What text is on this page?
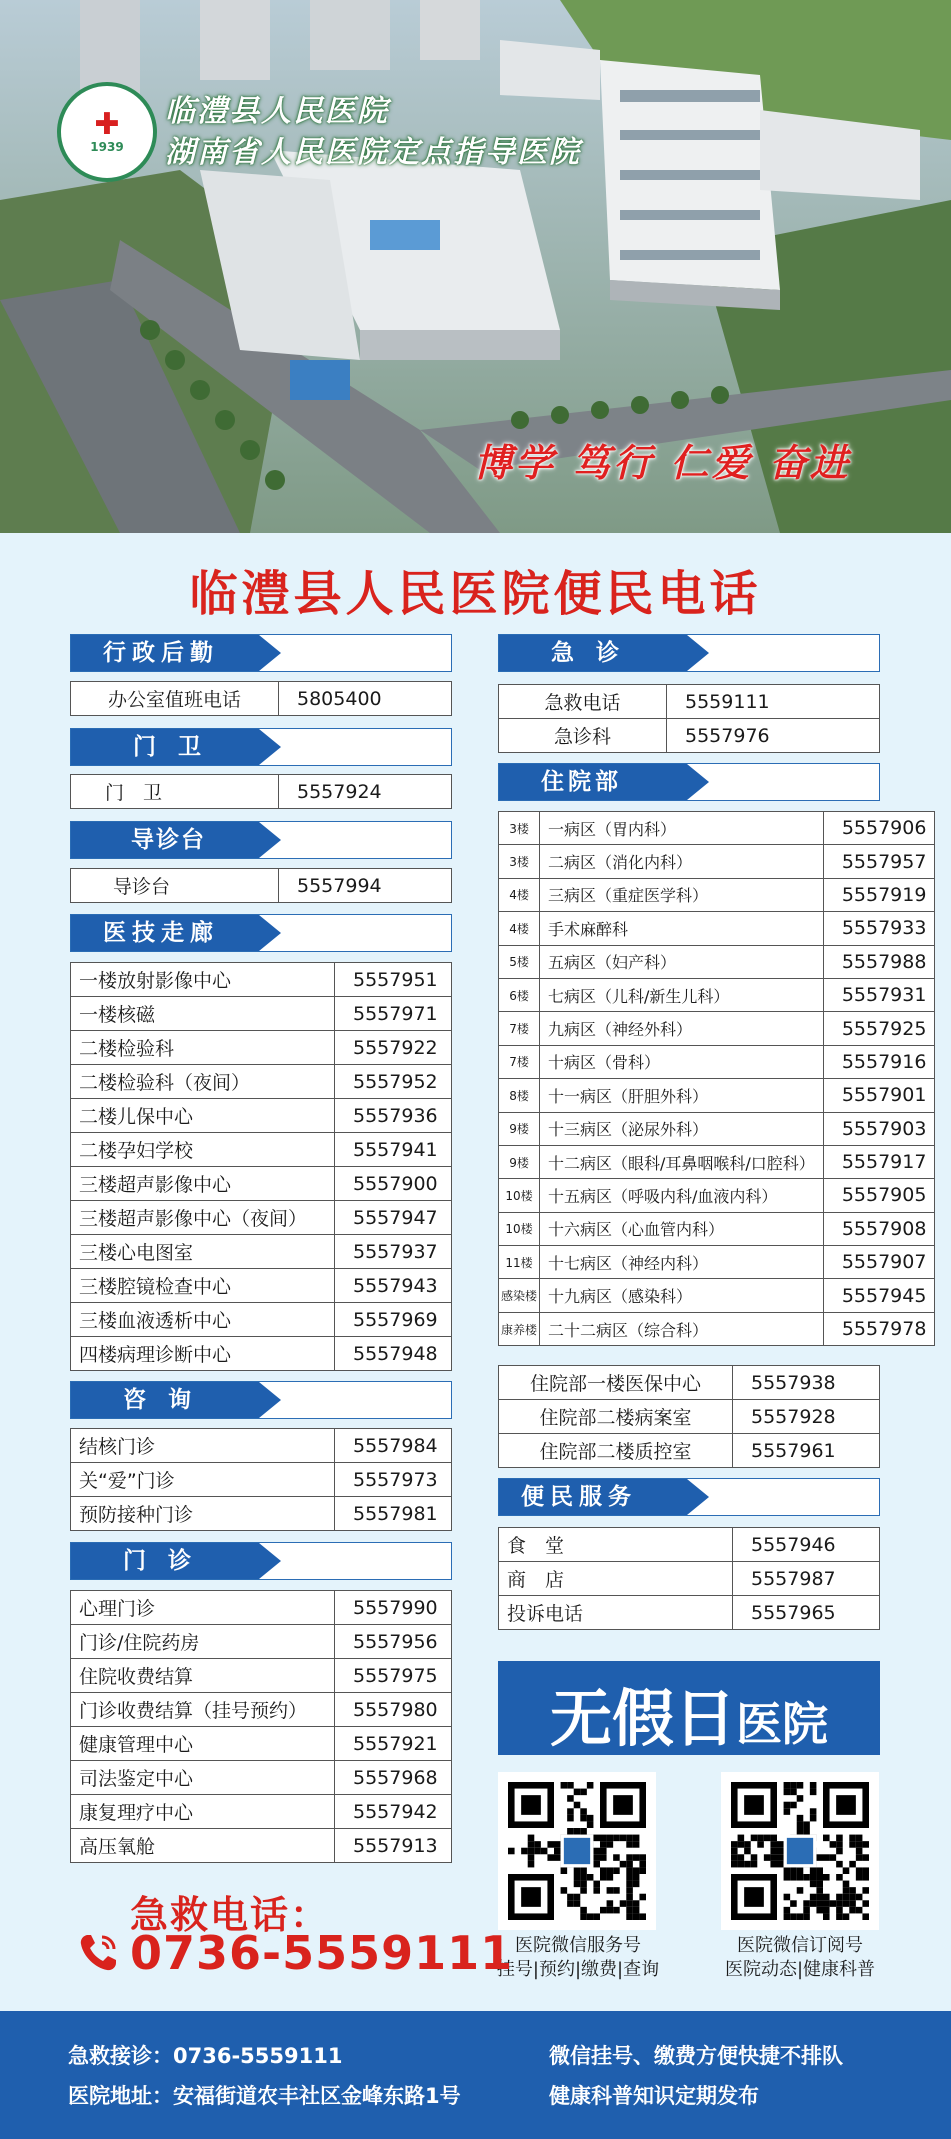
✚
1939
临澧县人民医院
湖南省人民医院定点指导医院
博学 笃行 仁爱 奋进
临澧县人民医院便民电话
行政后勤
办公室值班电话	5805400
门卫
门　卫	5557924
导诊台
导诊台	5557994
医技走廊
一楼放射影像中心	5557951
一楼核磁	5557971
二楼检验科	5557922
二楼检验科（夜间）	5557952
二楼儿保中心	5557936
二楼孕妇学校	5557941
三楼超声影像中心	5557900
三楼超声影像中心（夜间）	5557947
三楼心电图室	5557937
三楼腔镜检查中心	5557943
三楼血液透析中心	5557969
四楼病理诊断中心	5557948
咨询
结核门诊	5557984
关“爱”门诊	5557973
预防接种门诊	5557981
门诊
心理门诊	5557990
门诊/住院药房	5557956
住院收费结算	5557975
门诊收费结算（挂号预约）	5557980
健康管理中心	5557921
司法鉴定中心	5557968
康复理疗中心	5557942
高压氧舱	5557913
急诊
急救电话	5559111
急诊科	5557976
住院部
3楼	一病区（胃内科）	5557906
3楼	二病区（消化内科）	5557957
4楼	三病区（重症医学科）	5557919
4楼	手术麻醉科	5557933
5楼	五病区（妇产科）	5557988
6楼	七病区（儿科/新生儿科）	5557931
7楼	九病区（神经外科）	5557925
7楼	十病区（骨科）	5557916
8楼	十一病区（肝胆外科）	5557901
9楼	十三病区（泌尿外科）	5557903
9楼	十二病区（眼科/耳鼻咽喉科/口腔科）	5557917
10楼	十五病区（呼吸内科/血液内科）	5557905
10楼	十六病区（心血管内科）	5557908
11楼	十七病区（神经内科）	5557907
感染楼	十九病区（感染科）	5557945
康养楼	二十二病区（综合科）	5557978
住院部一楼医保中心	5557938
住院部二楼病案室	5557928
住院部二楼质控室	5557961
便民服务
食　堂	5557946
商　店	5557987
投诉电话	5557965
无假日 医院
医院微信服务号
挂号|预约|缴费|查询
医院微信订阅号
医院动态|健康科普
急救电话：
0736-5559111
急救接诊：0736-5559111
医院地址：安福街道农丰社区金峰东路1号
微信挂号、缴费方便快捷不排队
健康科普知识定期发布
